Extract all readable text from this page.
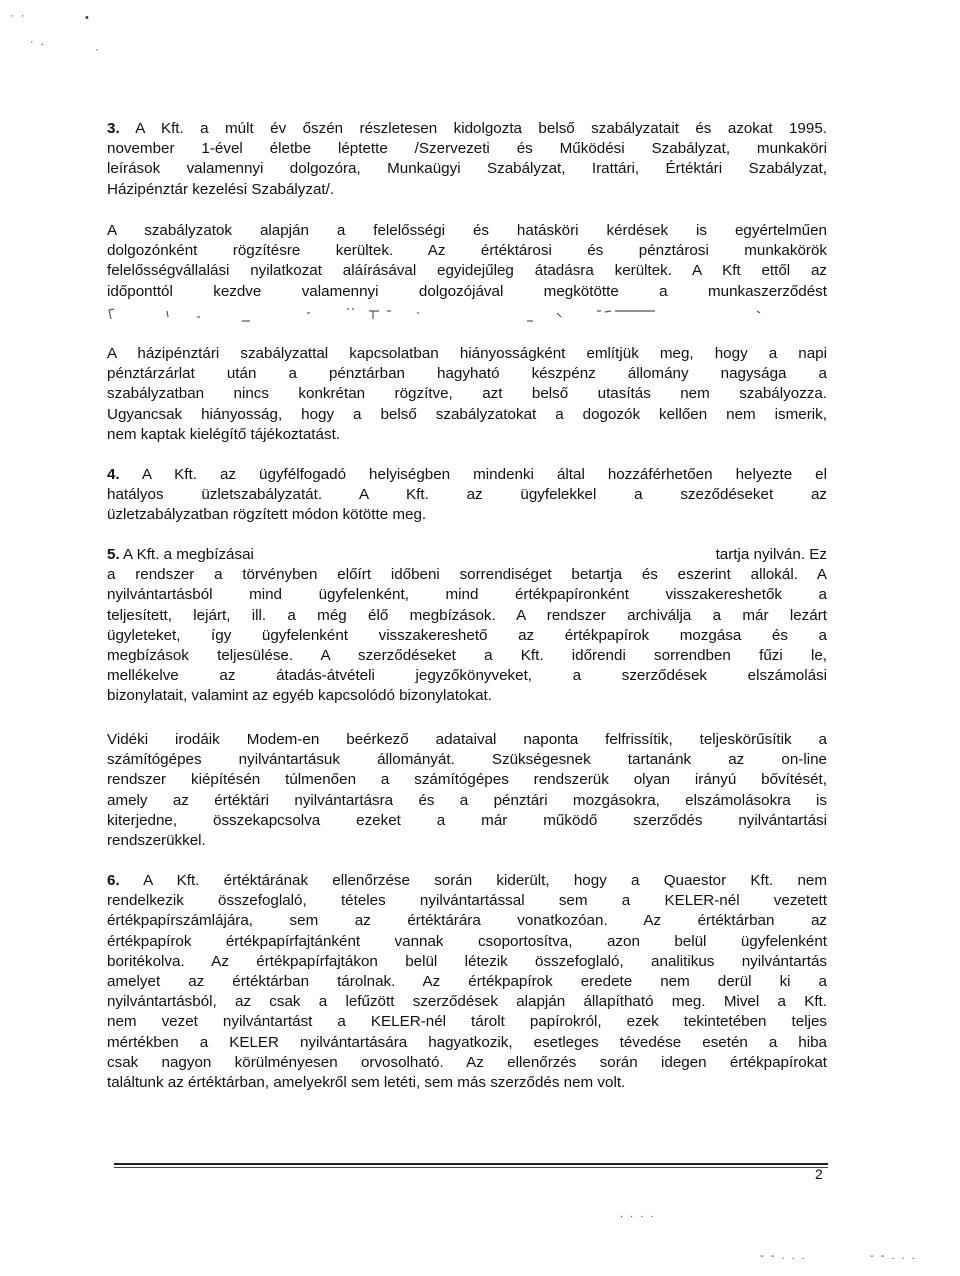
· ·	•
· .
·
- - . . .	- - . . .
. . . .
3. A Kft. a múlt év őszén részletesen kidolgozta belső szabályzatait és azokat 1995.
november 1-ével életbe léptette /Szervezeti és Működési Szabályzat, munkaköri
leírások valamennyi dolgozóra, Munkaügyi Szabályzat, Irattári, Értéktári Szabályzat,
Házipénztár kezelési Szabályzat/.
A szabályzatok alapján a felelősségi és hatásköri kérdések is egyértelműen
dolgozónként rögzítésre kerültek. Az értéktárosi és pénztárosi munkakörök
felelősségvállalási nyilatkozat aláírásával egyidejűleg átadásra kerültek. A Kft ettől az
időponttól kezdve valamennyi dolgozójával megkötötte a munkaszerződést
A házipénztári szabályzattal kapcsolatban hiányosságként említjük meg, hogy a napi
pénztárzárlat után a pénztárban hagyható készpénz állomány nagysága a
szabályzatban nincs konkrétan rögzítve, azt belső utasítás nem szabályozza.
Ugyancsak hiányosság, hogy a belső szabályzatokat a dogozók kellően nem ismerik,
nem kaptak kielégítő tájékoztatást.
4. A Kft. az ügyfélfogadó helyiségben mindenki által hozzáférhetően helyezte el
hatályos üzletszabályzatát. A Kft. az ügyfelekkel a szeződéseket az
üzletzabályzatban rögzített módon kötötte meg.
5. A Kft. a megbízásai	tartja nyilván. Ez
a rendszer a törvényben előírt időbeni sorrendiséget betartja és eszerint allokál. A
nyilvántartásból mind ügyfelenként, mind értékpapíronként visszakereshetők a
teljesített, lejárt, ill. a még élő megbízások. A rendszer archiválja a már lezárt
ügyleteket, így ügyfelenként visszakereshető az értékpapírok mozgása és a
megbízások teljesülése. A szerződéseket a Kft. időrendi sorrendben fűzi le,
mellékelve az átadás-átvételi jegyzőkönyveket, a szerződések elszámolási
bizonylatait, valamint az egyéb kapcsolódó bizonylatokat.
Vidéki irodáik Modem-en beérkező adataival naponta felfrissítik, teljeskörűsítik a
számítógépes nyilvántartásuk állományát. Szükségesnek tartanánk az on-line
rendszer kiépítésén túlmenően a számítógépes rendszerük olyan irányú bővítését,
amely az értéktári nyilvántartásra és a pénztári mozgásokra, elszámolásokra is
kiterjedne, összekapcsolva ezeket a már működő szerződés nyilvántartási
rendszerükkel.
6. A Kft. értéktárának ellenőrzése során kiderült, hogy a Quaestor Kft. nem
rendelkezik összefoglaló, tételes nyilvántartással sem a KELER-nél vezetett
értékpapírszámlájára, sem az értéktárára vonatkozóan. Az értéktárban az
értékpapírok értékpapírfajtánként vannak csoportosítva, azon belül ügyfelenként
boritékolva. Az értékpapírfajtákon belül létezik összefoglaló, analitikus nyilvántartás
amelyet az értéktárban tárolnak. Az értékpapírok eredete nem derül ki a
nyilvántartásból, az csak a lefűzött szerződések alapján állapítható meg. Mivel a Kft.
nem vezet nyilvántartást a KELER-nél tárolt papírokról, ezek tekintetében teljes
mértékben a KELER nyilvántartására hagyatkozik, esetleges tévedése esetén a hiba
csak nagyon körülményesen orvosolható. Az ellenőrzés során idegen értékpapírokat
találtunk az értéktárban, amelyekről sem letéti, sem más szerződés nem volt.
2
